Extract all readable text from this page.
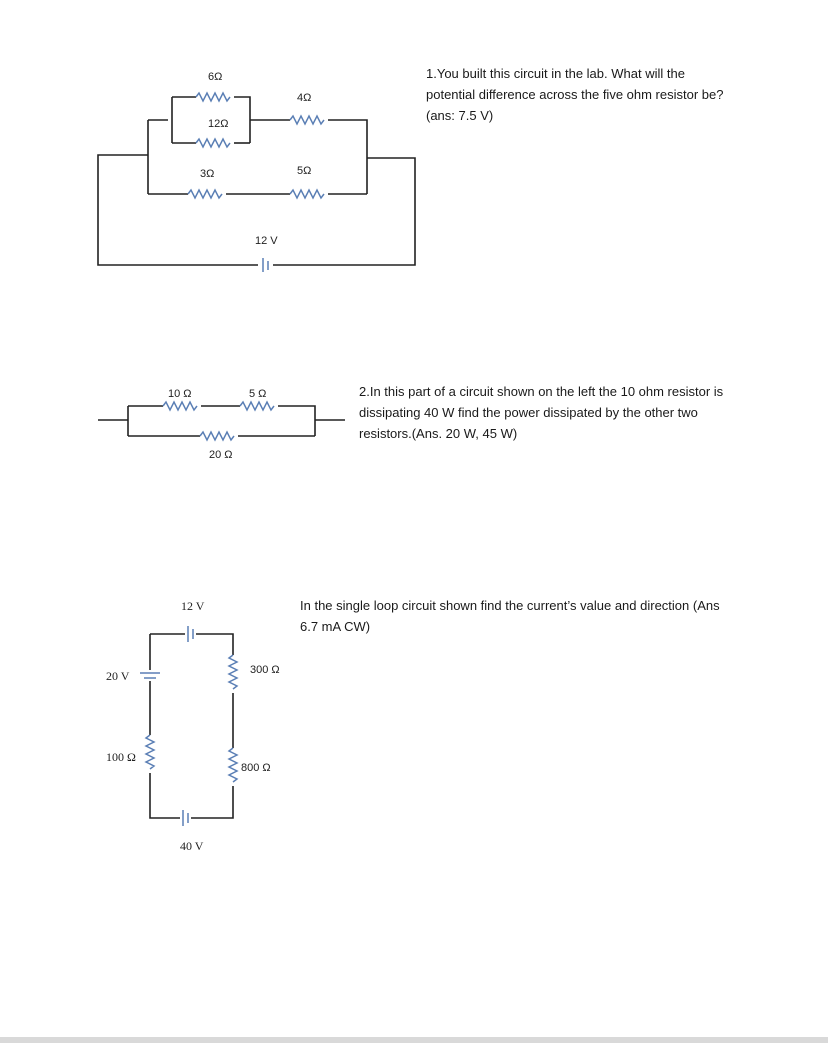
6Ω
12Ω
3Ω
4Ω
5Ω
12 V
10 Ω	5 Ω
20 Ω
12 V
20 V
100 Ω
300 Ω
800 Ω
40 V
1.You built this circuit in the lab. What will the potential difference across the five ohm resistor be? (ans: 7.5 V)
2.In this part of a circuit shown on the left the 10 ohm resistor is dissipating 40 W find the power dissipated by the other two resistors.(Ans. 20 W, 45 W)
In the single loop circuit shown find the current’s value and direction (Ans 6.7 mA CW)
